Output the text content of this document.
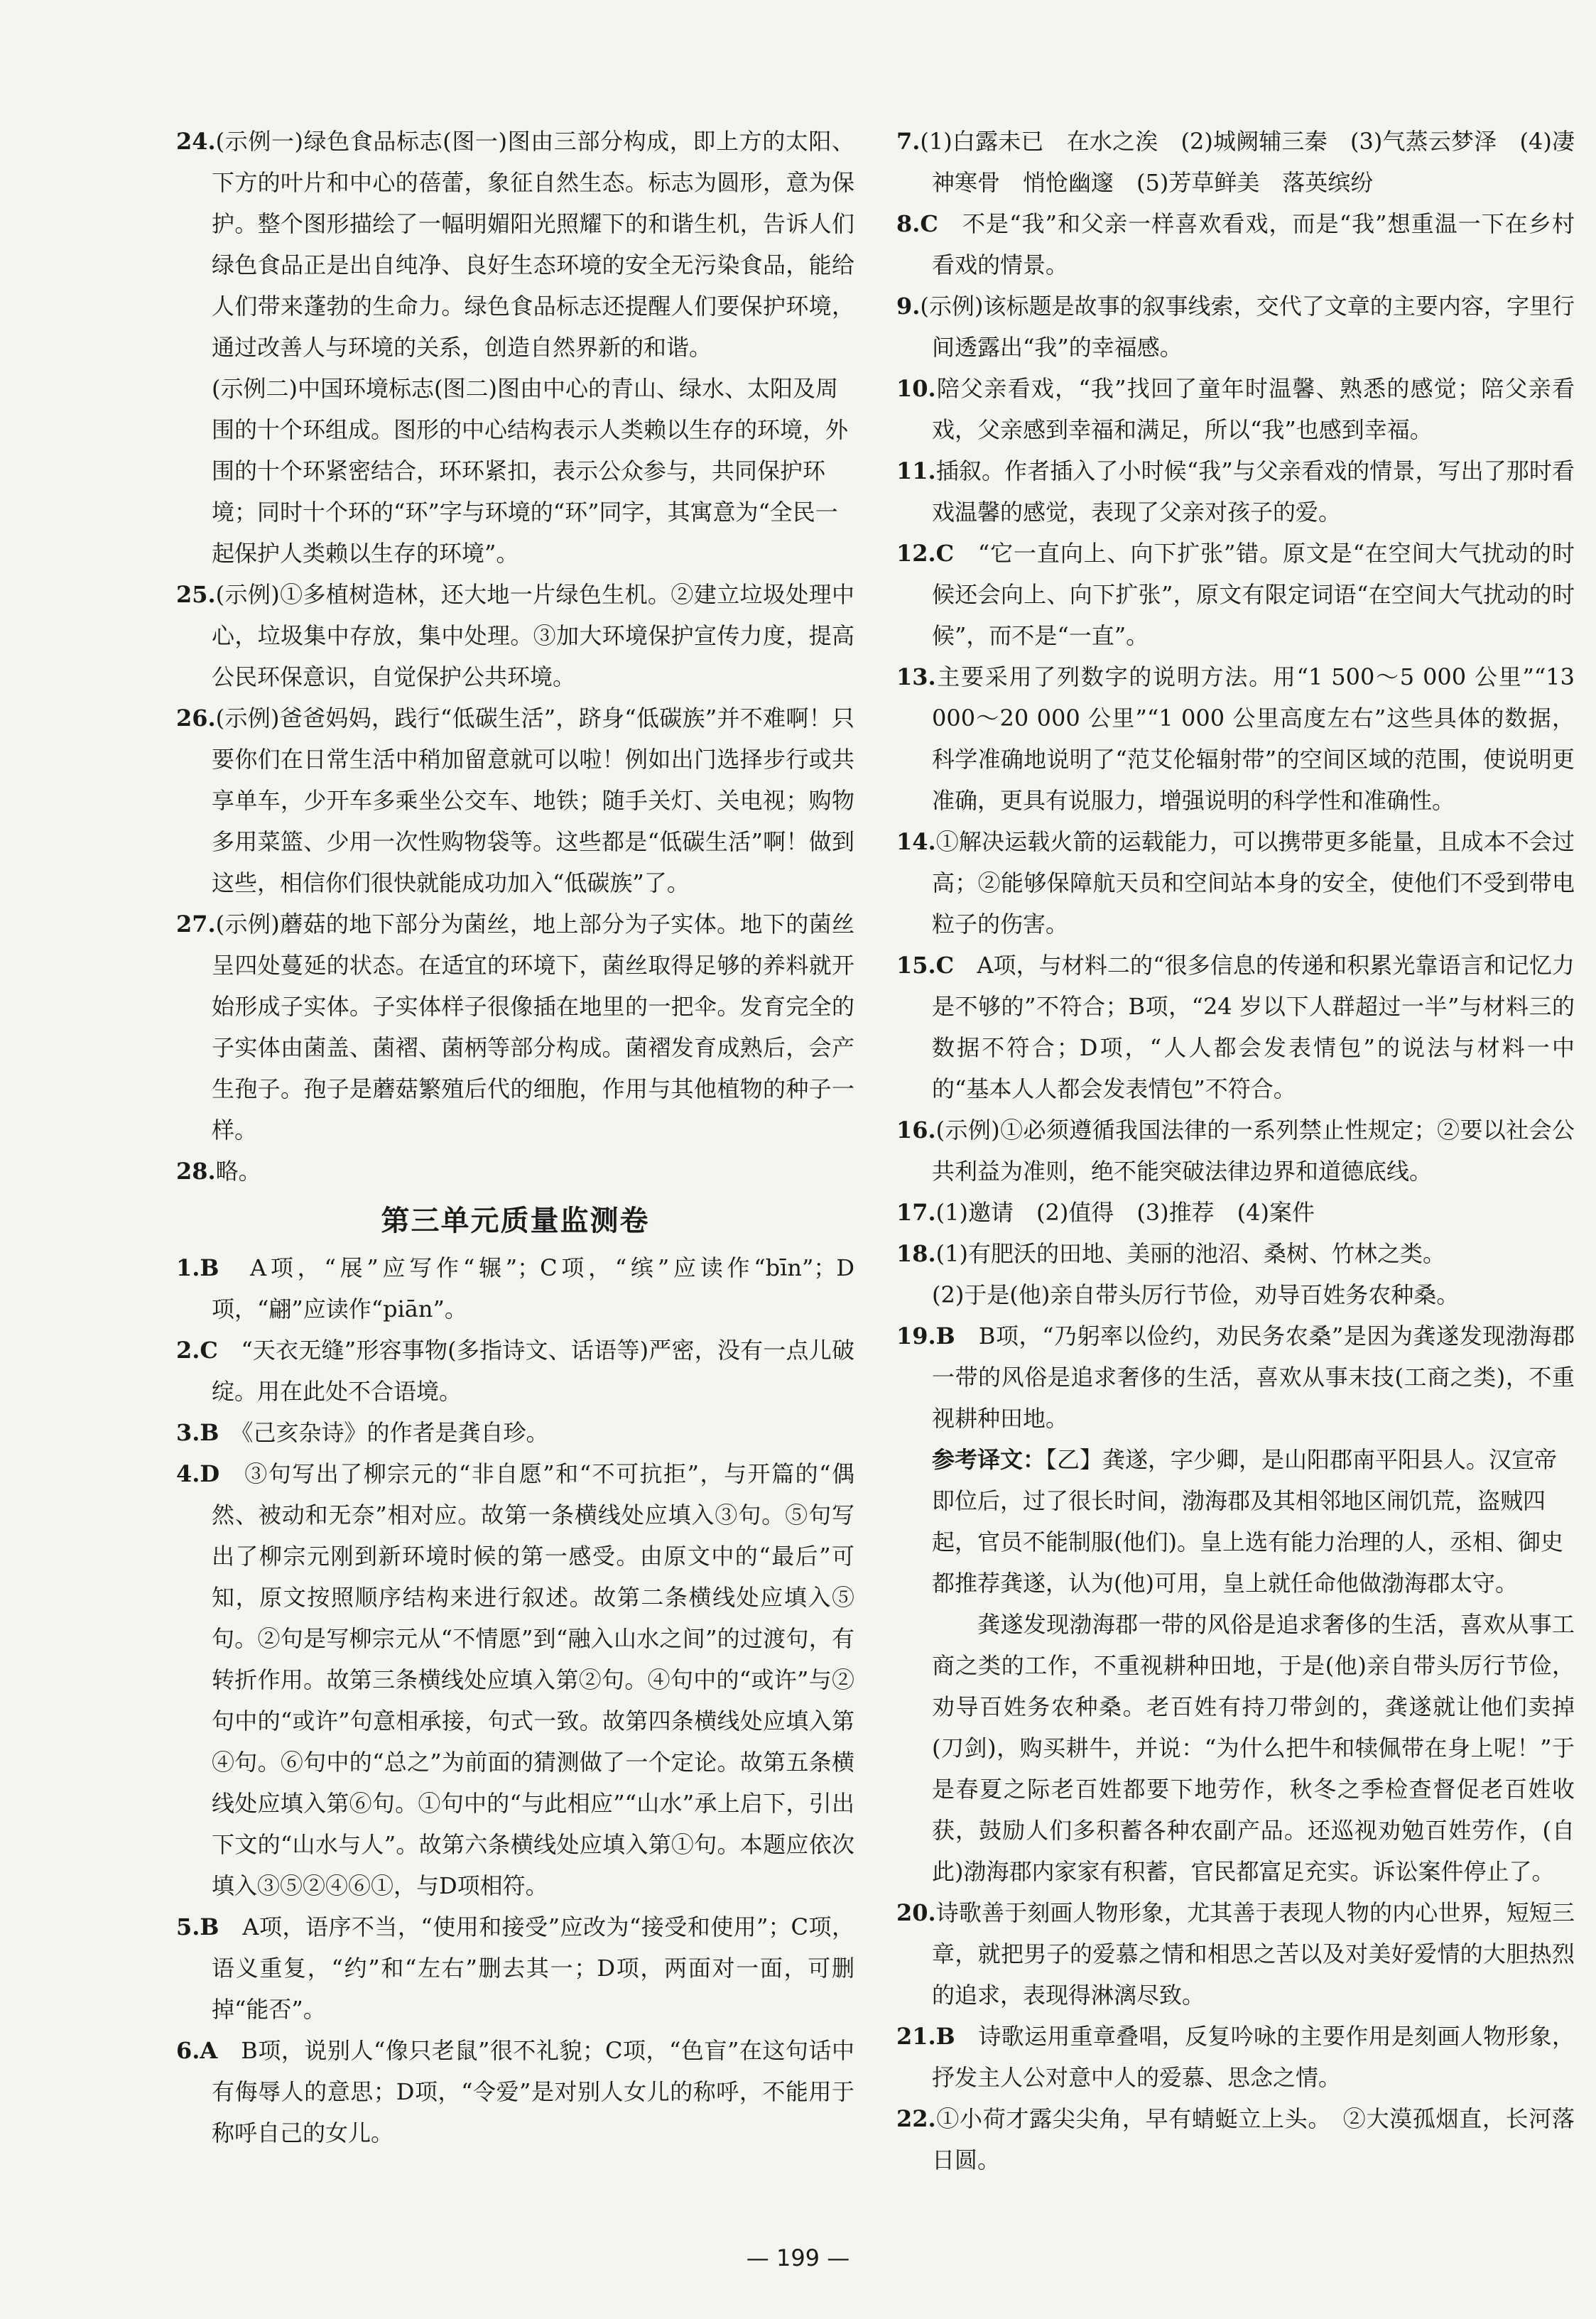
24.(示例一)绿色食品标志(图一)图由三部分构成，即上方的太阳、下方的叶片和中心的蓓蕾，象征自然生态。标志为圆形，意为保护。整个图形描绘了一幅明媚阳光照耀下的和谐生机，告诉人们绿色食品正是出自纯净、良好生态环境的安全无污染食品，能给人们带来蓬勃的生命力。绿色食品标志还提醒人们要保护环境，通过改善人与环境的关系，创造自然界新的和谐。

(示例二)中国环境标志(图二)图由中心的青山、绿水、太阳及周围的十个环组成。图形的中心结构表示人类赖以生存的环境，外围的十个环紧密结合，环环紧扣，表示公众参与，共同保护环境；同时十个环的“环”字与环境的“环”同字，其寓意为“全民一起保护人类赖以生存的环境”。

25.(示例)①多植树造林，还大地一片绿色生机。②建立垃圾处理中心，垃圾集中存放，集中处理。③加大环境保护宣传力度，提高公民环保意识，自觉保护公共环境。

26.(示例)爸爸妈妈，践行“低碳生活”，跻身“低碳族”并不难啊！只要你们在日常生活中稍加留意就可以啦！例如出门选择步行或共享单车，少开车多乘坐公交车、地铁；随手关灯、关电视；购物多用菜篮、少用一次性购物袋等。这些都是“低碳生活”啊！做到这些，相信你们很快就能成功加入“低碳族”了。

27.(示例)蘑菇的地下部分为菌丝，地上部分为子实体。地下的菌丝呈四处蔓延的状态。在适宜的环境下，菌丝取得足够的养料就开始形成子实体。子实体样子很像插在地里的一把伞。发育完全的子实体由菌盖、菌褶、菌柄等部分构成。菌褶发育成熟后，会产生孢子。孢子是蘑菇繁殖后代的细胞，作用与其他植物的种子一样。

28.略。

第三单元质量监测卷

1.B　 A项，“展”应写作“辗”；C项，“缤”应读作“bīn”；D项，“翩”应读作“piān”。

2.C　 “天衣无缝”形容事物(多指诗文、话语等)严密，没有一点儿破绽。用在此处不合语境。

3.B　 《己亥杂诗》的作者是龚自珍。

4.D　 ③句写出了柳宗元的“非自愿”和“不可抗拒”，与开篇的“偶然、被动和无奈”相对应。故第一条横线处应填入③句。⑤句写出了柳宗元刚到新环境时候的第一感受。由原文中的“最后”可知，原文按照顺序结构来进行叙述。故第二条横线处应填入⑤句。②句是写柳宗元从“不情愿”到“融入山水之间”的过渡句，有转折作用。故第三条横线处应填入第②句。④句中的“或许”与②句中的“或许”句意相承接，句式一致。故第四条横线处应填入第④句。⑥句中的“总之”为前面的猜测做了一个定论。故第五条横线处应填入第⑥句。①句中的“与此相应”“山水”承上启下，引出下文的“山水与人”。故第六条横线处应填入第①句。本题应依次填入③⑤②④⑥①，与D项相符。

5.B　 A项，语序不当，“使用和接受”应改为“接受和使用”；C项，语义重复，“约”和“左右”删去其一；D项，两面对一面，可删掉“能否”。

6.A　 B项，说别人“像只老鼠”很不礼貌；C项，“色盲”在这句话中有侮辱人的意思；D项，“令爱”是对别人女儿的称呼，不能用于称呼自己的女儿。

7.(1)白露未已　在水之涘　(2)城阙辅三秦　(3)气蒸云梦泽　(4)凄神寒骨　悄怆幽邃　(5)芳草鲜美　落英缤纷

8.C　 不是“我”和父亲一样喜欢看戏，而是“我”想重温一下在乡村看戏的情景。

9.(示例)该标题是故事的叙事线索，交代了文章的主要内容，字里行间透露出“我”的幸福感。

10.陪父亲看戏，“我”找回了童年时温馨、熟悉的感觉；陪父亲看戏，父亲感到幸福和满足，所以“我”也感到幸福。

11.插叙。作者插入了小时候“我”与父亲看戏的情景，写出了那时看戏温馨的感觉，表现了父亲对孩子的爱。

12.C　 “它一直向上、向下扩张”错。原文是“在空间大气扰动的时候还会向上、向下扩张”，原文有限定词语“在空间大气扰动的时候”，而不是“一直”。

13.主要采用了列数字的说明方法。用“1 500～5 000 公里”“13 000～20 000 公里”“1 000 公里高度左右”这些具体的数据，科学准确地说明了“范艾伦辐射带”的空间区域的范围，使说明更准确，更具有说服力，增强说明的科学性和准确性。

14.①解决运载火箭的运载能力，可以携带更多能量，且成本不会过高；②能够保障航天员和空间站本身的安全，使他们不受到带电粒子的伤害。

15.C　 A项，与材料二的“很多信息的传递和积累光靠语言和记忆力是不够的”不符合；B项，“24 岁以下人群超过一半”与材料三的数据不符合；D项，“人人都会发表情包”的说法与材料一中的“基本人人都会发表情包”不符合。

16.(示例)①必须遵循我国法律的一系列禁止性规定；②要以社会公共利益为准则，绝不能突破法律边界和道德底线。

17.(1)邀请　(2)值得　(3)推荐　(4)案件

18.(1)有肥沃的田地、美丽的池沼、桑树、竹林之类。

(2)于是(他)亲自带头厉行节俭，劝导百姓务农种桑。

19.B　 B项，“乃躬率以俭约，劝民务农桑”是因为龚遂发现渤海郡一带的风俗是追求奢侈的生活，喜欢从事末技(工商之类)，不重视耕种田地。

参考译文：【乙】龚遂，字少卿，是山阳郡南平阳县人。汉宣帝即位后，过了很长时间，渤海郡及其相邻地区闹饥荒，盗贼四起，官员不能制服(他们)。皇上选有能力治理的人，丞相、御史都推荐龚遂，认为(他)可用，皇上就任命他做渤海郡太守。

龚遂发现渤海郡一带的风俗是追求奢侈的生活，喜欢从事工商之类的工作，不重视耕种田地，于是(他)亲自带头厉行节俭，劝导百姓务农种桑。老百姓有持刀带剑的，龚遂就让他们卖掉(刀剑)，购买耕牛，并说：“为什么把牛和犊佩带在身上呢！”于是春夏之际老百姓都要下地劳作，秋冬之季检查督促老百姓收获，鼓励人们多积蓄各种农副产品。还巡视劝勉百姓劳作，(自此)渤海郡内家家有积蓄，官民都富足充实。诉讼案件停止了。

20.诗歌善于刻画人物形象，尤其善于表现人物的内心世界，短短三章，就把男子的爱慕之情和相思之苦以及对美好爱情的大胆热烈的追求，表现得淋漓尽致。

21.B　 诗歌运用重章叠唱，反复吟咏的主要作用是刻画人物形象，抒发主人公对意中人的爱慕、思念之情。

22.①小荷才露尖尖角，早有蜻蜓立上头。　②大漠孤烟直，长河落日圆。

— 199 —
